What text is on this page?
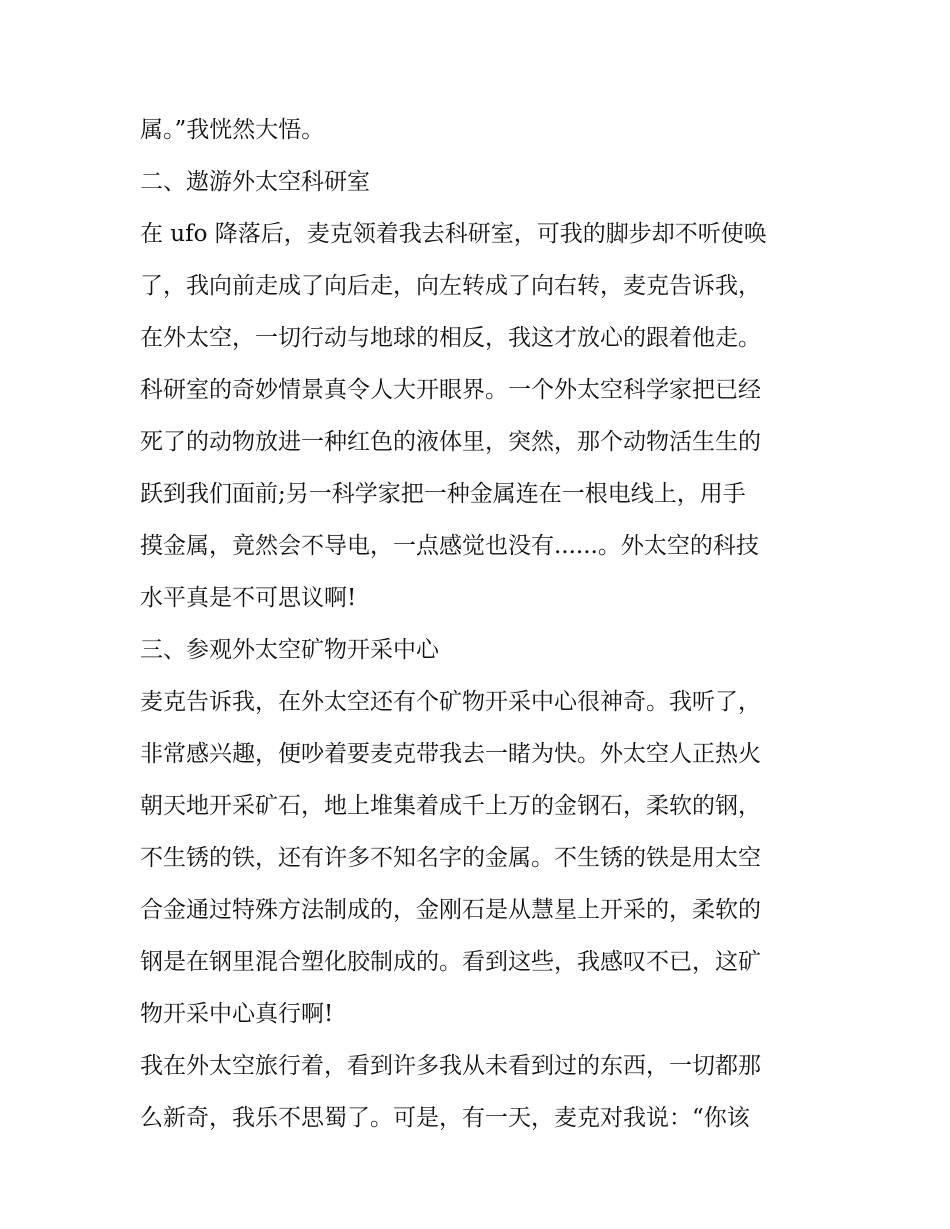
属。”我恍然大悟。
二、遨游外太空科研室
在 ufo 降落后，麦克领着我去科研室，可我的脚步却不听使唤
了，我向前走成了向后走，向左转成了向右转，麦克告诉我，
在外太空，一切行动与地球的相反，我这才放心的跟着他走。
科研室的奇妙情景真令人大开眼界。一个外太空科学家把已经
死了的动物放进一种红色的液体里，突然，那个动物活生生的
跃到我们面前;另一科学家把一种金属连在一根电线上，用手
摸金属，竟然会不导电，一点感觉也没有......。外太空的科技
水平真是不可思议啊!
三、参观外太空矿物开采中心
麦克告诉我，在外太空还有个矿物开采中心很神奇。我听了，
非常感兴趣，便吵着要麦克带我去一睹为快。外太空人正热火
朝天地开采矿石，地上堆集着成千上万的金钢石，柔软的钢，
不生锈的铁，还有许多不知名字的金属。不生锈的铁是用太空
合金通过特殊方法制成的，金刚石是从慧星上开采的，柔软的
钢是在钢里混合塑化胶制成的。看到这些，我感叹不已，这矿
物开采中心真行啊!
我在外太空旅行着，看到许多我从未看到过的东西，一切都那
么新奇，我乐不思蜀了。可是，有一天，麦克对我说：“你该
